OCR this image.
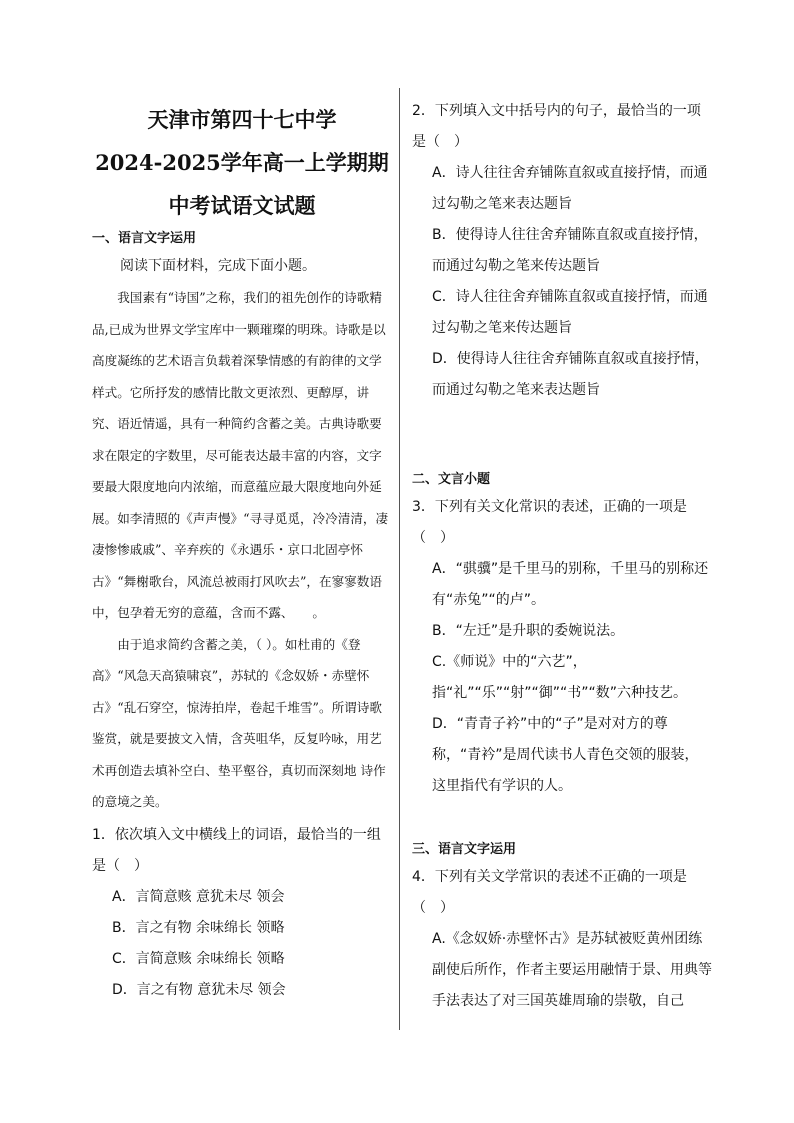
天津市第四十七中学

2024-2025学年高一上学期期

中考试语文试题

一、语言文字运用

阅读下面材料，完成下面小题。

我国素有“诗国”之称，我们的祖先创作的诗歌精品,已成为世界文学宝库中一颗璀璨的明珠。诗歌是以高度凝练的艺术语言负载着深挚情感的有韵律的文学样式。它所抒发的感情比散文更浓烈、更醇厚，讲究、语近情遥，具有一种简约含蓄之美。古典诗歌要求在限定的字数里，尽可能表达最丰富的内容，文字要最大限度地向内浓缩，而意蕴应最大限度地向外延展。如李清照的《声声慢》“寻寻觅觅，冷冷清清，凄凄惨惨戚戚”、辛弃疾的《永遇乐・京口北固亭怀古》“舞榭歌台，风流总被雨打风吹去”，在寥寥数语中，包孕着无穷的意蕴，含而不露、　　。

由于追求简约含蓄之美，（ ）。如杜甫的《登高》“风急天高猿啸哀”，苏轼的《念奴娇・赤壁怀古》“乱石穿空，惊涛拍岸，卷起千堆雪”。所谓诗歌鉴赏，就是要披文入情，含英咀华，反复吟咏，用艺术再创造去填补空白、垫平壑谷，真切而深刻地 诗作的意境之美。

1．依次填入文中横线上的词语，最恰当的一组是（　）

A．言简意赅 意犹未尽 领会

B．言之有物 余味绵长 领略

C．言简意赅 余味绵长 领略

D．言之有物 意犹未尽 领会

2．下列填入文中括号内的句子，最恰当的一项是（　）

A．诗人往往舍弃铺陈直叙或直接抒情，而通过勾勒之笔来表达题旨

B．使得诗人往往舍弃铺陈直叙或直接抒情，而通过勾勒之笔来传达题旨

C．诗人往往舍弃铺陈直叙或直接抒情，而通过勾勒之笔来传达题旨

D．使得诗人往往舍弃铺陈直叙或直接抒情，而通过勾勒之笔来表达题旨

二、文言小题

3．下列有关文化常识的表述，正确的一项是（　）

A．“骐骥”是千里马的别称，千里马的别称还有“赤兔”“的卢”。

B．“左迁”是升职的委婉说法。

C.《师说》中的“六艺”，指“礼”“乐”“射”“御”“书”“数”六种技艺。

D．“青青子衿”中的“子”是对对方的尊称，“青衿”是周代读书人青色交领的服装，这里指代有学识的人。

三、语言文字运用

4．下列有关文学常识的表述不正确的一项是（　）

A.《念奴娇·赤壁怀古》是苏轼被贬黄州团练副使后所作，作者主要运用融情于景、用典等手法表达了对三国英雄周瑜的崇敬，自己
